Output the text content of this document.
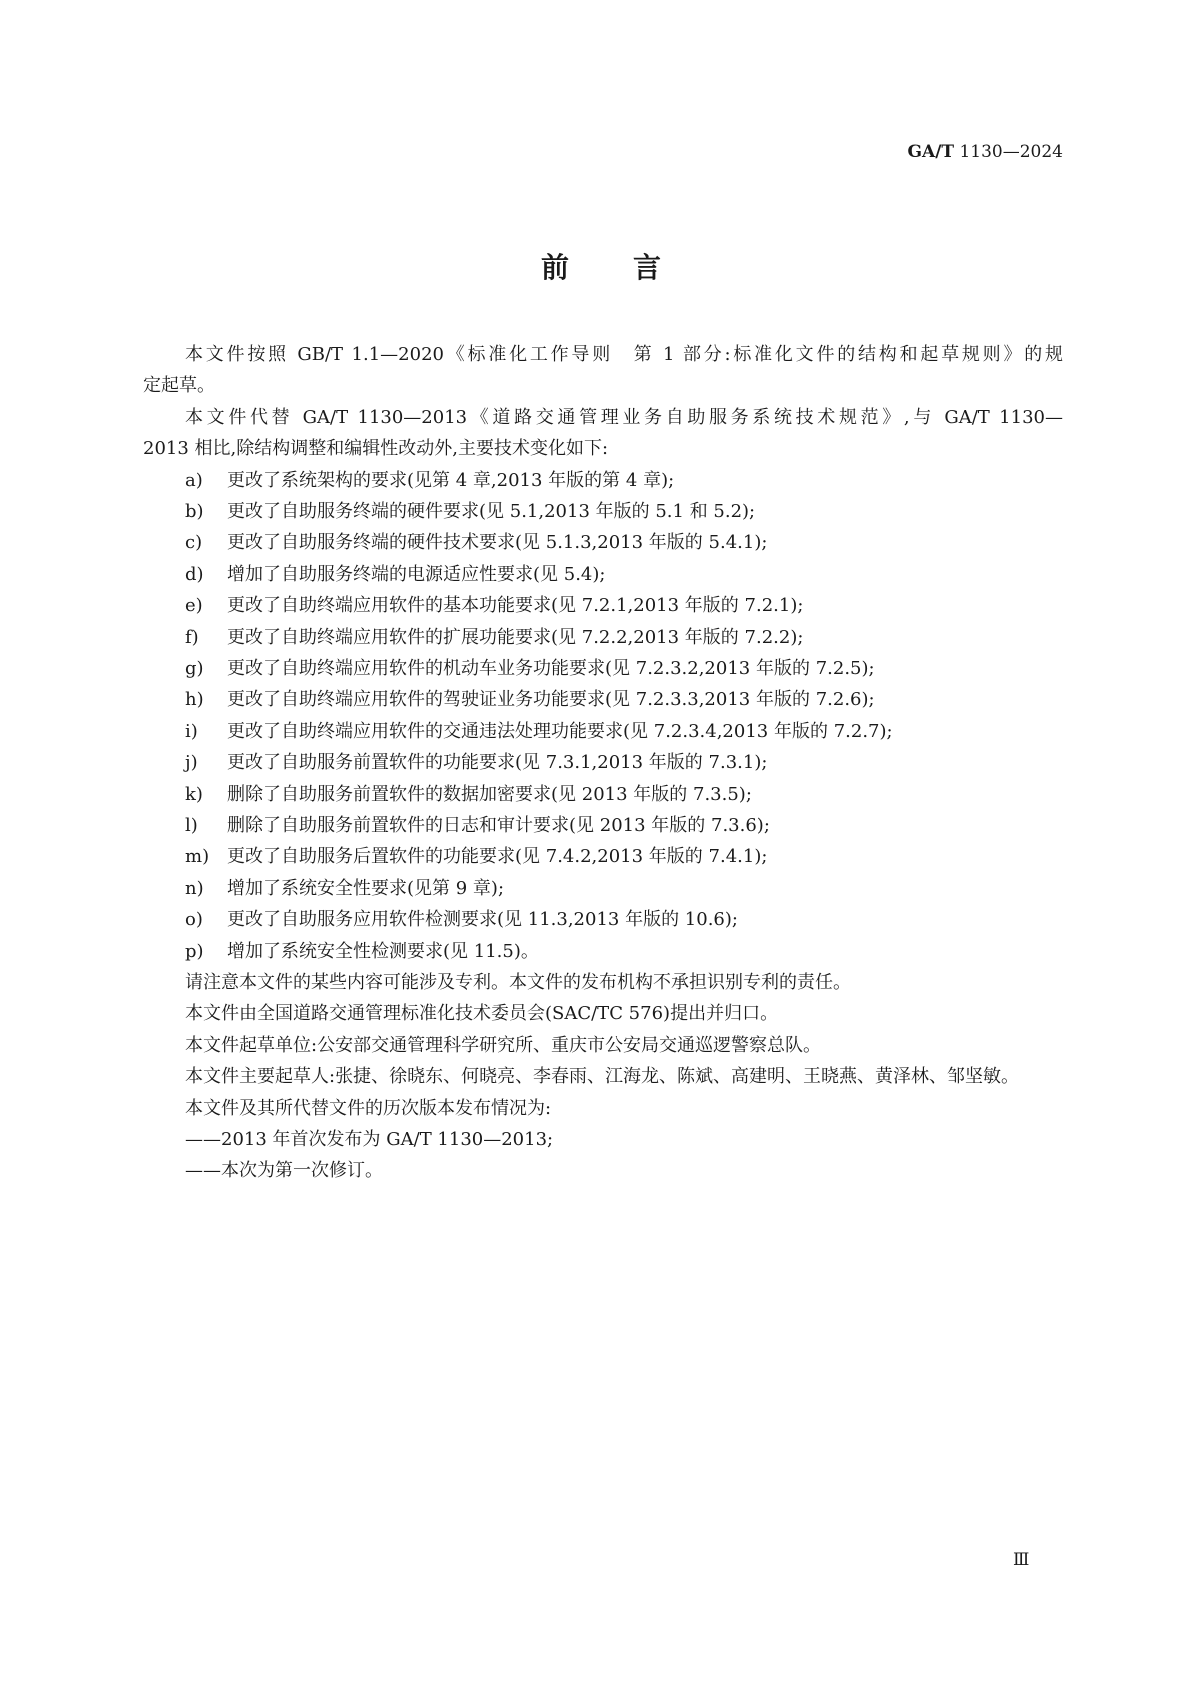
GA/T 1130—2024
前 言
本文件按照 GB/T 1.1—2020《标准化工作导则　第 1 部分:标准化文件的结构和起草规则》的规
定起草。
本文件代替 GA/T 1130—2013《道路交通管理业务自助服务系统技术规范》,与 GA/T 1130—
2013 相比,除结构调整和编辑性改动外,主要技术变化如下:
a) 更改了系统架构的要求(见第 4 章,2013 年版的第 4 章);
b) 更改了自助服务终端的硬件要求(见 5.1,2013 年版的 5.1 和 5.2);
c) 更改了自助服务终端的硬件技术要求(见 5.1.3,2013 年版的 5.4.1);
d) 增加了自助服务终端的电源适应性要求(见 5.4);
e) 更改了自助终端应用软件的基本功能要求(见 7.2.1,2013 年版的 7.2.1);
f) 更改了自助终端应用软件的扩展功能要求(见 7.2.2,2013 年版的 7.2.2);
g) 更改了自助终端应用软件的机动车业务功能要求(见 7.2.3.2,2013 年版的 7.2.5);
h) 更改了自助终端应用软件的驾驶证业务功能要求(见 7.2.3.3,2013 年版的 7.2.6);
i) 更改了自助终端应用软件的交通违法处理功能要求(见 7.2.3.4,2013 年版的 7.2.7);
j) 更改了自助服务前置软件的功能要求(见 7.3.1,2013 年版的 7.3.1);
k) 删除了自助服务前置软件的数据加密要求(见 2013 年版的 7.3.5);
l) 删除了自助服务前置软件的日志和审计要求(见 2013 年版的 7.3.6);
m) 更改了自助服务后置软件的功能要求(见 7.4.2,2013 年版的 7.4.1);
n) 增加了系统安全性要求(见第 9 章);
o) 更改了自助服务应用软件检测要求(见 11.3,2013 年版的 10.6);
p) 增加了系统安全性检测要求(见 11.5)。
请注意本文件的某些内容可能涉及专利。本文件的发布机构不承担识别专利的责任。
本文件由全国道路交通管理标准化技术委员会(SAC/TC 576)提出并归口。
本文件起草单位:公安部交通管理科学研究所、重庆市公安局交通巡逻警察总队。
本文件主要起草人:张捷、徐晓东、何晓亮、李春雨、江海龙、陈斌、高建明、王晓燕、黄泽林、邹坚敏。
本文件及其所代替文件的历次版本发布情况为:
——2013 年首次发布为 GA/T 1130—2013;
——本次为第一次修订。
Ⅲ
